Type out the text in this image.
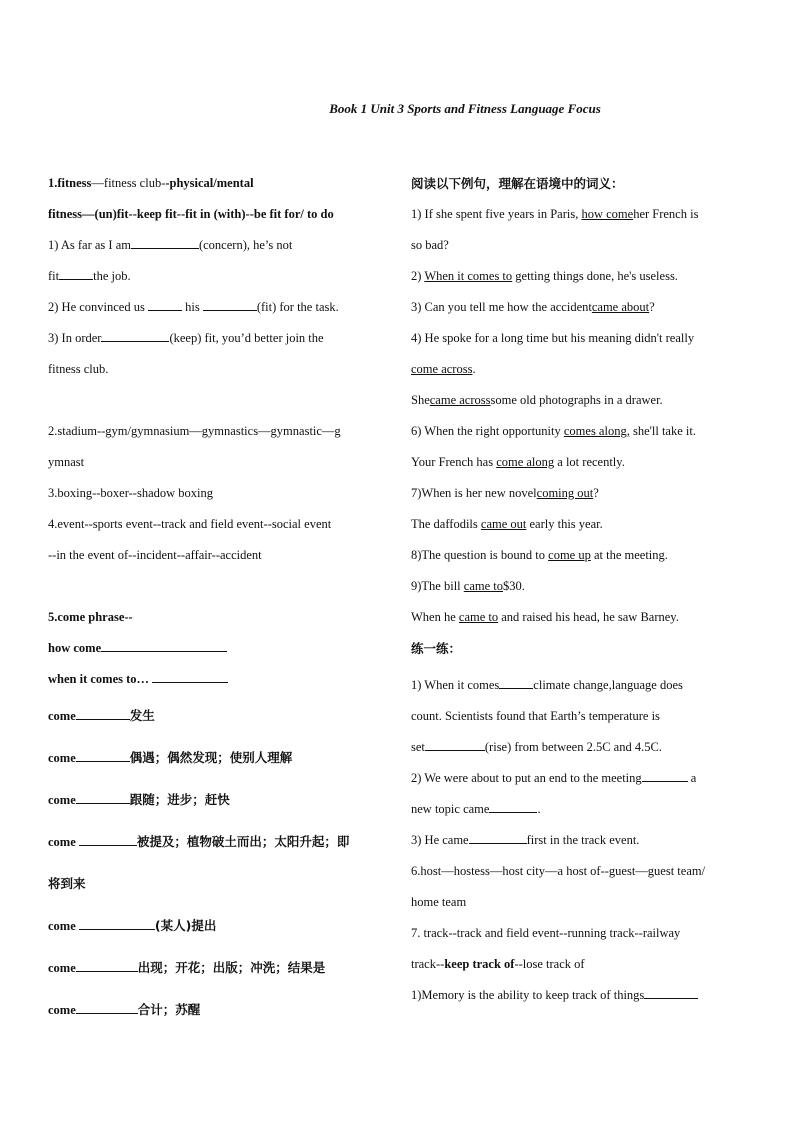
Book 1 Unit 3 Sports and Fitness Language Focus
1.fitness—fitness club--physical/mental
fitness—(un)fit--keep fit--fit in (with)--be fit for/ to do
1) As far as I am	(concern), he’s not
fit	the job.
2) He convinced us	his	(fit) for the task.
3) In order	(keep) fit, you’d better join the
fitness club.
2.stadium--gym/gymnasium—gymnastics—gymnastic—g
ymnast
3.boxing--boxer--shadow boxing
4.event--sports event--track and field event--social event
--in the event of--incident--affair--accident
5.come phrase--
how come
when it comes to…
come	发生
come	偶遇；偶然发现；使别人理解
come	跟随；进步；赶快
come	被提及；植物破土而出；太阳升起；即
将到来
come	(某人)提出
come	出现；开花；出版；冲洗；结果是
come	合计；苏醒
阅读以下例句，理解在语境中的词义：
1) If she spent five years in Paris, how comeher French is
so bad?
2) When it comes to getting things done, he's useless.
3) Can you tell me how the accidentcame about?
4) He spoke for a long time but his meaning didn't really
come across.
Shecame acrosssome old photographs in a drawer.
6) When the right opportunity comes along, she'll take it.
Your French has come along a lot recently.
7)When is her new novelcoming out?
The daffodils came out early this year.
8)The question is bound to come up at the meeting.
9)The bill came to$30.
When he came to and raised his head, he saw Barney.
练一练：
1) When it comes	climate change,language does
count. Scientists found that Earth’s temperature is
set	(rise) from between 2.5C and 4.5C.
2) We were about to put an end to the meeting	a
new topic came	.
3) He came	first in the track event.
6.host—hostess—host city—a host of--guest—guest team/
home team
7. track--track and field event--running track--railway
track--keep track of--lose track of
1)Memory is the ability to keep track of things
